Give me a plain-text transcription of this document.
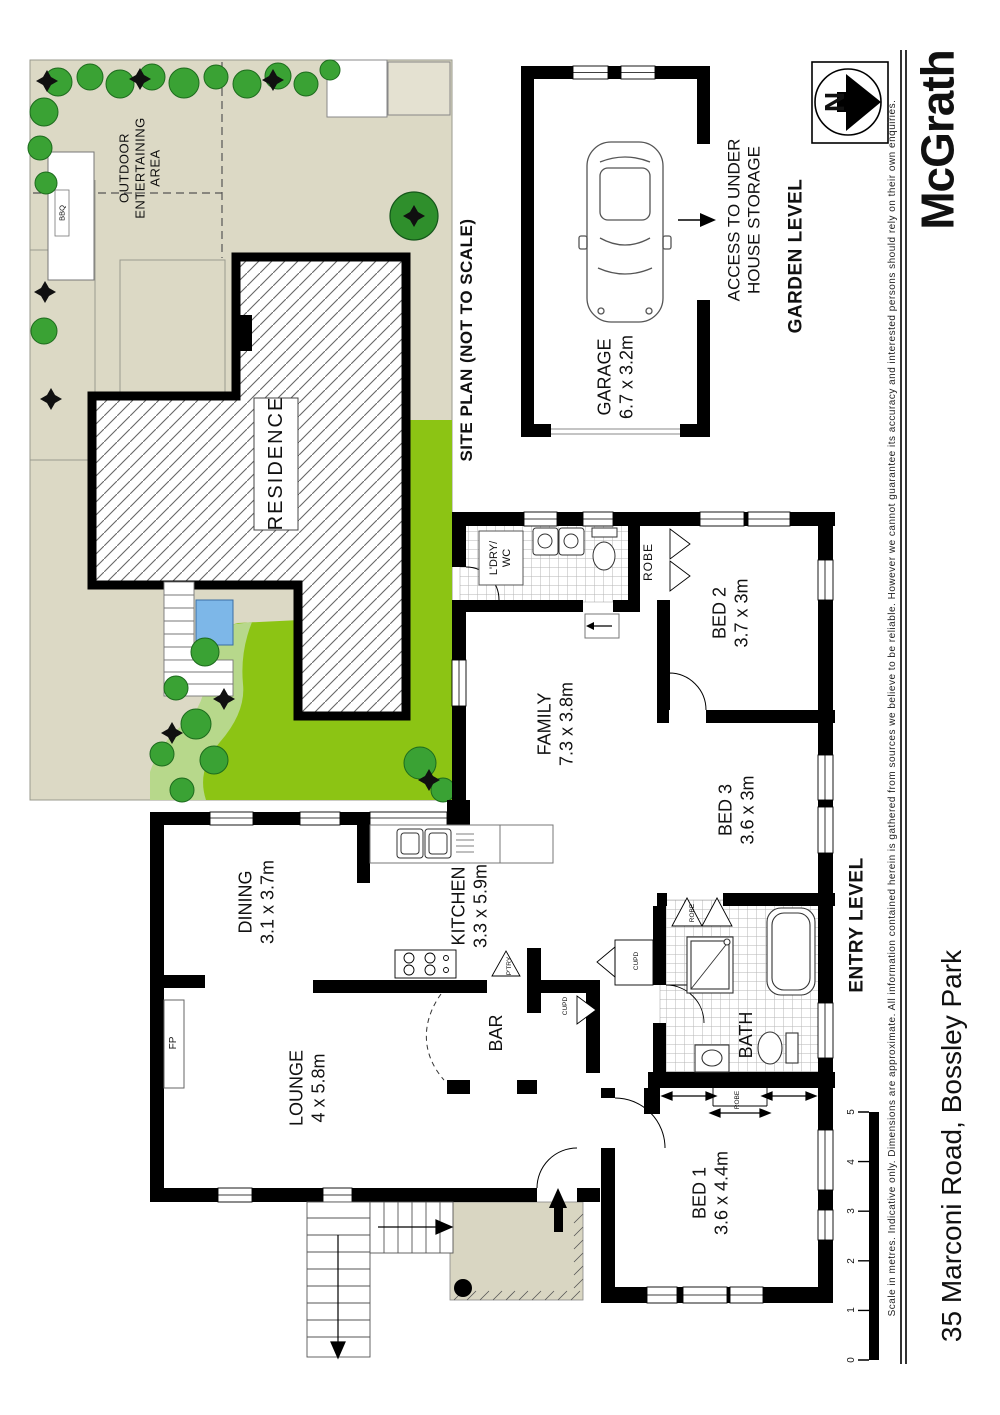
OUTDOOR ENTERTAINING AREA
BBQ
RESIDENCE
SITE PLAN (NOT TO SCALE)	GARAGE 6.7 x 3.2m
ACCESS TO UNDER HOUSE STORAGE GARDEN LEVEL
N McGrath
Scale in metres. Indicative only. Dimensions are approximate. All information contained herein is gathered from sources we believe to be reliable. However we cannot guarantee its accuracy and interested persons should rely on their own enquiries. 35 Marconi Road, Bossley Park
ENTRY LEVEL
FAMILY 7.3 x 3.8m
BED 2 3.7 x 3m
BED 3 3.6 x 3m
BATH
DINING 3.1 x 3.7m	KITCHEN 3.3 x 5.9m
LOUNGE 4 x 5.8m
BED 1 3.6 x 4.4m
BAR
L'DRY/ WC	ROBE
ROBE
ROBE
CUPD
CUPD
P'TRY
FP
0
1
2
3
4
5
